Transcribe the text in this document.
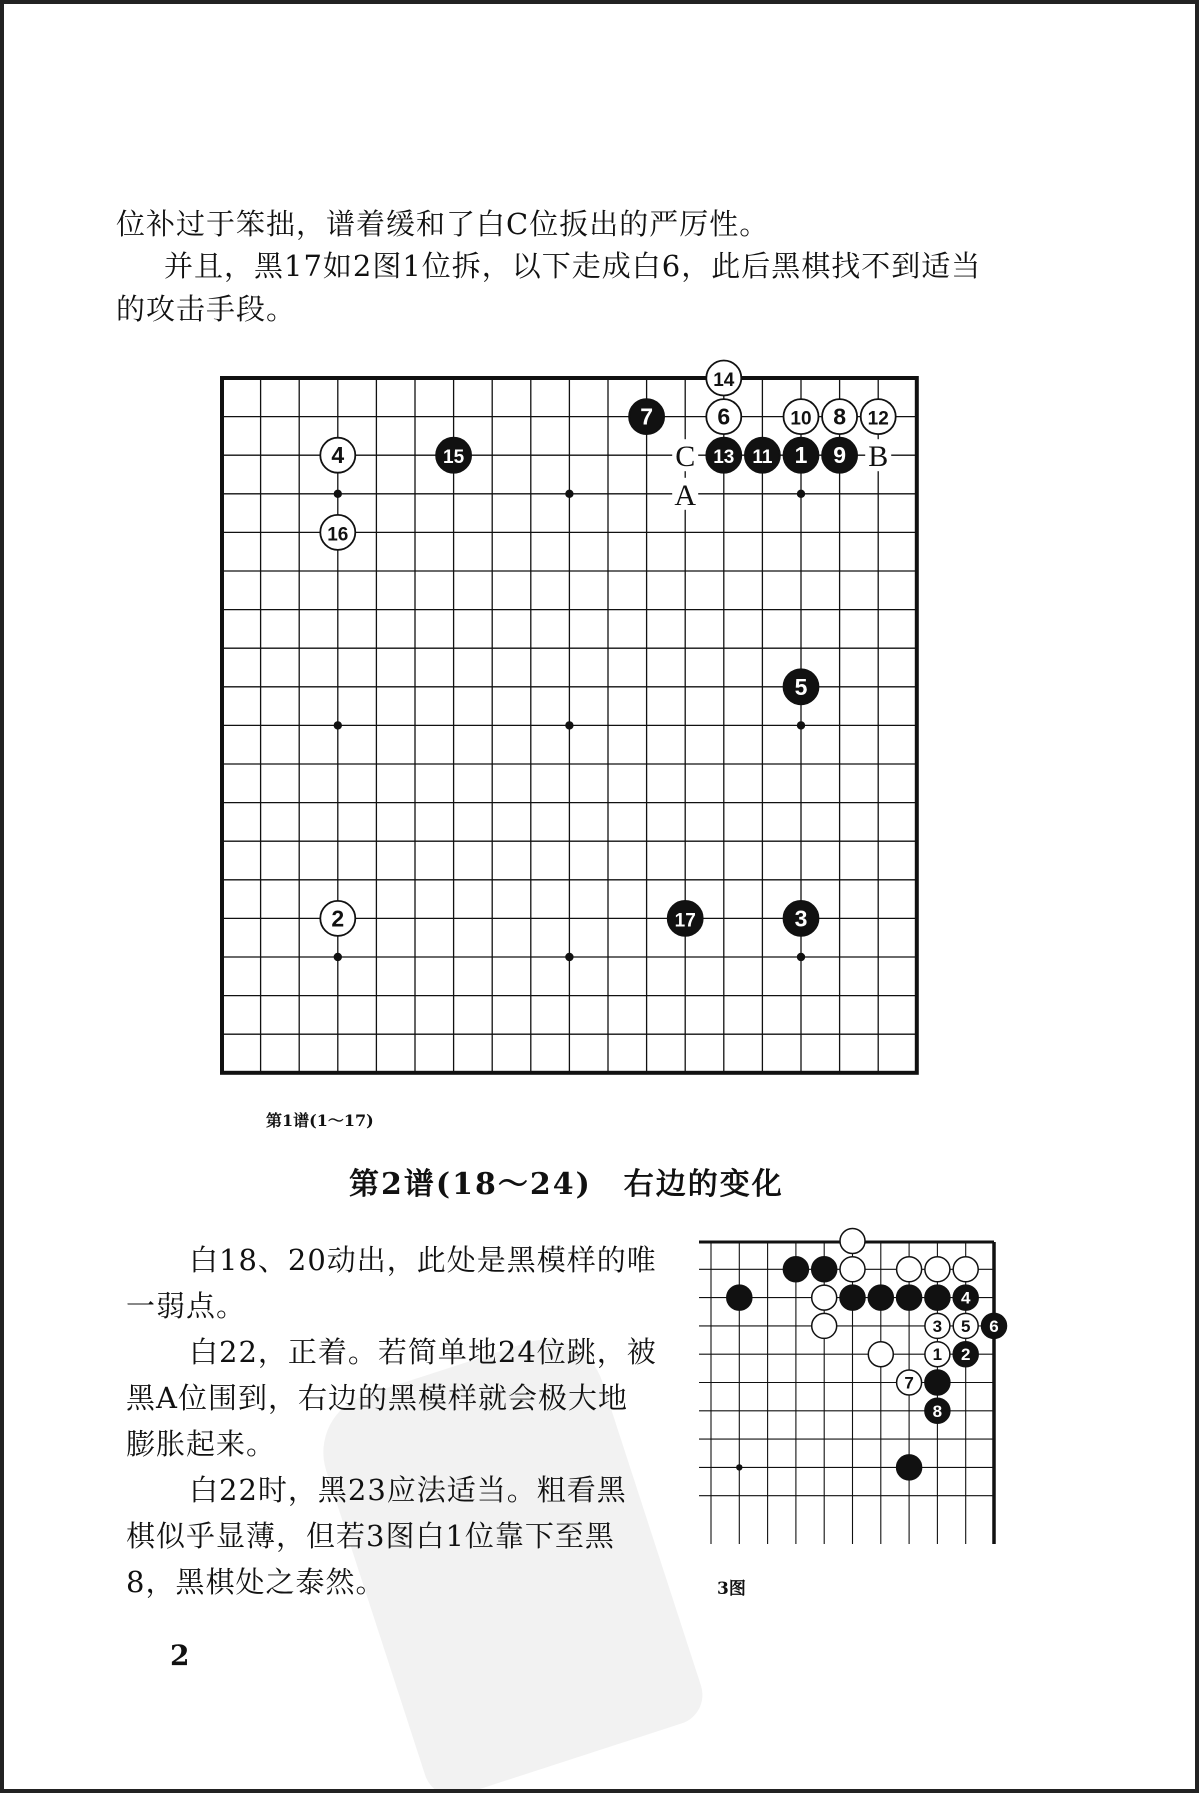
位补过于笨拙，谱着缓和了白C位扳出的严厉性。
并且，黑17如2图1位拆，以下走成白6，此后黑棋找不到适当
的攻击手段。
14
7	6	10 8 12
4	15	13 11 1 9
16
5
2	17	3
C	B
A
第1谱(1～17)
第2谱(18～24)　右边的变化
白18、20动出，此处是黑模样的唯
一弱点。
白22，正着。若简单地24位跳，被
黑A位围到，右边的黑模样就会极大地
膨胀起来。
白22时，黑23应法适当。粗看黑
棋似乎显薄，但若3图白1位靠下至黑
8，黑棋处之泰然。	3图
2
4
3 5 6
1 2
7
8
